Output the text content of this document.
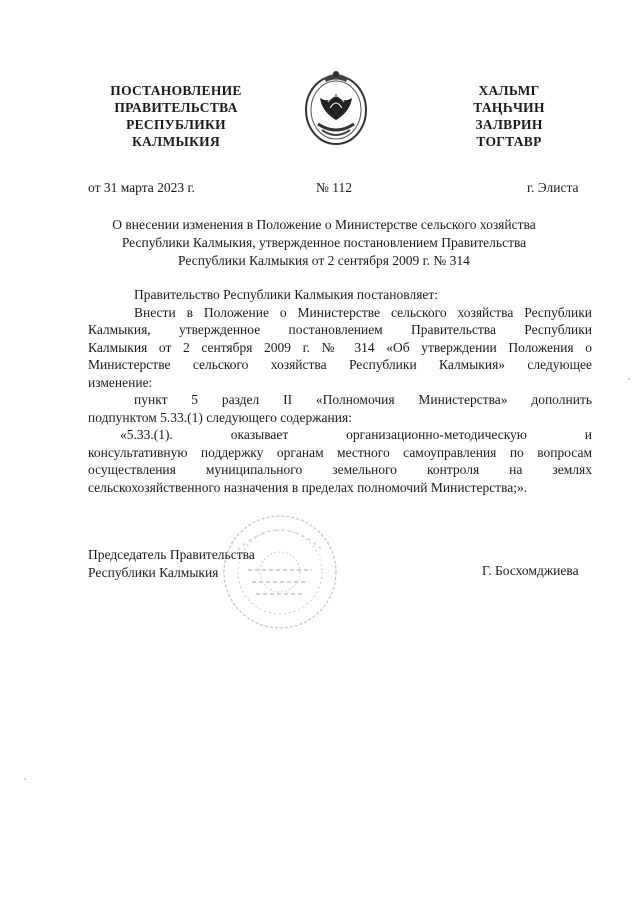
ПОСТАНОВЛЕНИЕ
ПРАВИТЕЛЬСТВА
РЕСПУБЛИКИ
КАЛМЫКИЯ
ХАЛЬМГ
ТАҢҺЧИН
ЗАЛВРИН
ТОГТАВР
от 31 марта 2023 г.	№ 112	г. Элиста
О внесении изменения в Положение о Министерстве сельского хозяйства
Республики Калмыкия, утвержденное постановлением Правительства
Республики Калмыкия от 2 сентября 2009 г. № 314
Правительство Республики Калмыкия постановляет:
Внести в Положение о Министерстве сельского хозяйства Республики
Калмыкия, утвержденное постановлением Правительства Республики
Калмыкия от 2 сентября 2009 г. № 314 «Об утверждении Положения о
Министерстве сельского хозяйства Республики Калмыкия» следующее
изменение:
пункт 5 раздел II «Полномочия Министерства» дополнить
подпунктом 5.33.(1) следующего содержания:
«5.33.(1). оказывает организационно-методическую и
консультативную поддержку органам местного самоуправления по вопросам
осуществления муниципального земельного контроля на землях
сельскохозяйственного назначения в пределах полномочий Министерства;».
Председатель Правительства
Республики Калмыкия	Г. Босхомджиева
